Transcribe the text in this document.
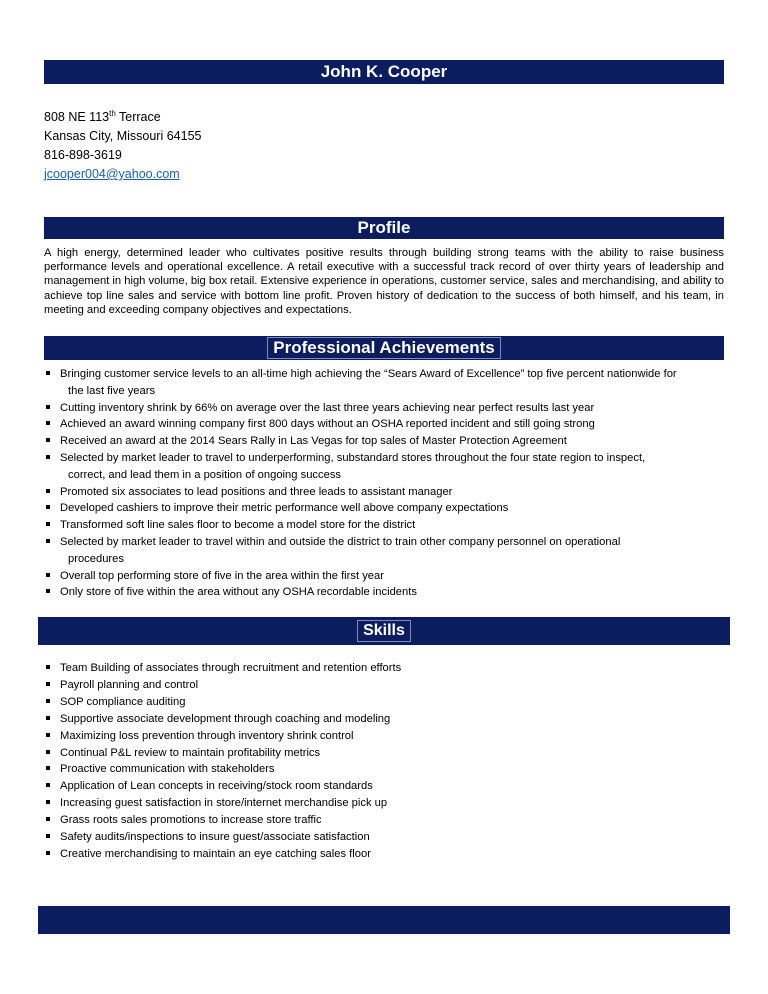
John K. Cooper
808 NE 113th Terrace
Kansas City, Missouri 64155
816-898-3619
jcooper004@yahoo.com
Profile
A high energy, determined leader who cultivates positive results through building strong teams with the ability to raise business performance levels and operational excellence. A retail executive with a successful track record of over thirty years of leadership and management in high volume, big box retail. Extensive experience in operations, customer service, sales and merchandising, and ability to achieve top line sales and service with bottom line profit. Proven history of dedication to the success of both himself, and his team, in meeting and exceeding company objectives and expectations.
Professional Achievements
Bringing customer service levels to an all-time high achieving the “Sears Award of Excellence” top five percent nationwide for
the last five years
Cutting inventory shrink by 66% on average over the last three years achieving near perfect results last year
Achieved an award winning company first 800 days without an OSHA reported incident and still going strong
Received an award at the 2014 Sears Rally in Las Vegas for top sales of Master Protection Agreement
Selected by market leader to travel to underperforming, substandard stores throughout the four state region to inspect,
correct, and lead them in a position of ongoing success
Promoted six associates to lead positions and three leads to assistant manager
Developed cashiers to improve their metric performance well above company expectations
Transformed soft line sales floor to become a model store for the district
Selected by market leader to travel within and outside the district to train other company personnel on operational
procedures
Overall top performing store of five in the area within the first year
Only store of five within the area without any OSHA recordable incidents
Skills
Team Building of associates through recruitment and retention efforts
Payroll planning and control
SOP compliance auditing
Supportive associate development through coaching and modeling
Maximizing loss prevention through inventory shrink control
Continual P&L review to maintain profitability metrics
Proactive communication with stakeholders
Application of Lean concepts in receiving/stock room standards
Increasing guest satisfaction in store/internet merchandise pick up
Grass roots sales promotions to increase store traffic
Safety audits/inspections to insure guest/associate satisfaction
Creative merchandising to maintain an eye catching sales floor
